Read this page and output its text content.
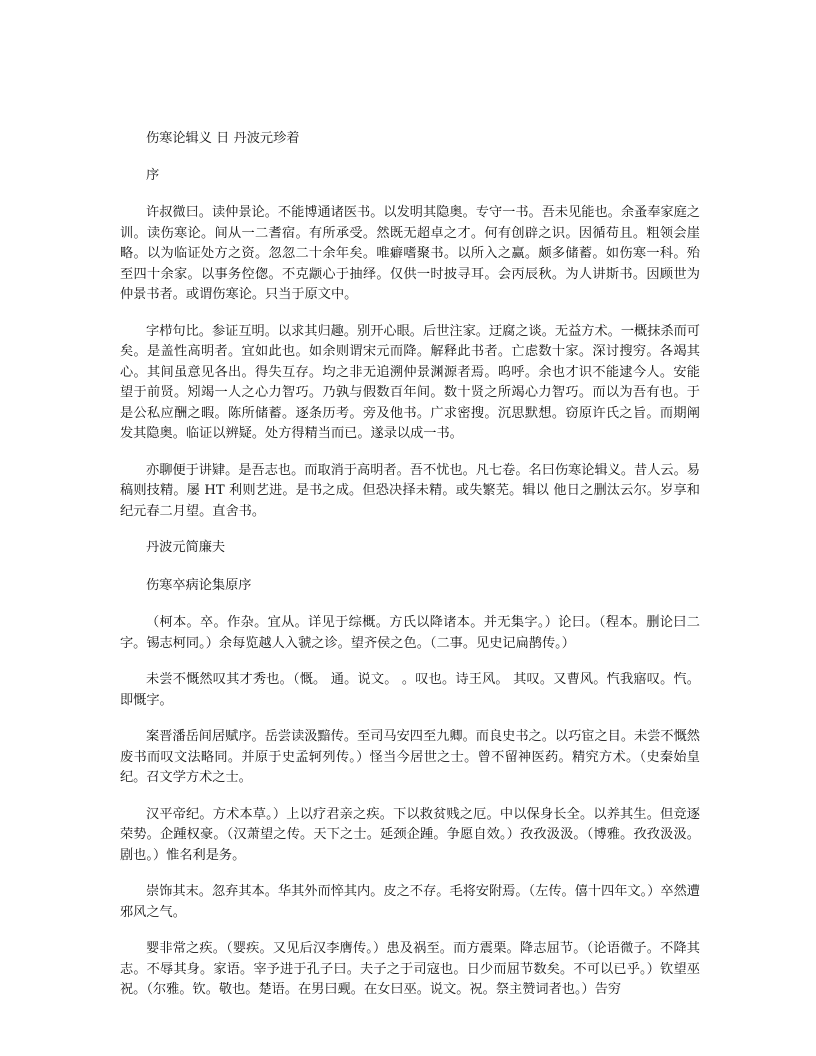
伤寒论辑义 日 丹波元珍着

序

许叔微曰。读仲景论。不能博通诸医书。以发明其隐奥。专守一书。吾未见能也。余蚤奉家庭之训。读伤寒论。间从一二耆宿。有所承受。然既无超卓之才。何有创辟之识。因循苟且。粗领会崖略。以为临证处方之资。忽忽二十余年矣。唯癖嗜聚书。以所入之赢。颇多储蓄。如伤寒一科。殆至四十余家。以事务倥偬。不克颛心于抽绎。仅供一时披寻耳。会丙辰秋。为人讲斯书。因顾世为仲景书者。或谓伤寒论。只当于原文中。

字栉句比。参证互明。以求其归趣。别开心眼。后世注家。迂腐之谈。无益方术。一概抹杀而可矣。是盖性高明者。宜如此也。如余则谓宋元而降。解释此书者。亡虑数十家。深讨搜穷。各竭其心。其间虽意见各出。得失互存。均之非无追溯仲景渊源者焉。呜呼。余也才识不能逮今人。安能望于前贤。矧竭一人之心力智巧。乃孰与假数百年间。数十贤之所竭心力智巧。而以为吾有也。于是公私应酬之暇。陈所储蓄。逐条历考。旁及他书。广求密搜。沉思默想。窃原许氏之旨。而期阐发其隐奥。临证以辨疑。处方得精当而已。遂录以成一书。

亦聊便于讲肄。是吾志也。而取消于高明者。吾不忧也。凡七卷。名曰伤寒论辑义。昔人云。易稿则技精。屡 HT 利则艺进。是书之成。但恐决择未精。或失繁芜。辑以 他日之删汰云尔。岁享和纪元春二月望。直舍书。

丹波元简廉夫

伤寒卒病论集原序

（柯本。卒。作杂。宜从。详见于综概。方氏以降诸本。并无集字。）论曰。（程本。删论曰二字。锡志柯同。）余每览越人入虢之诊。望齐侯之色。（二事。见史记扁鹊传。）

未尝不慨然叹其才秀也。（慨。 通。说文。 。叹也。诗王风。 其叹。又曹风。忾我寤叹。忾。即慨字。

案晋潘岳间居赋序。岳尝读汲黯传。至司马安四至九卿。而良史书之。以巧宦之目。未尝不慨然废书而叹文法略同。并原于史孟轲列传。）怪当今居世之士。曾不留神医药。精究方术。（史秦始皇纪。召文学方术之士。

汉平帝纪。方术本草。）上以疗君亲之疾。下以救贫贱之厄。中以保身长全。以养其生。但竞逐荣势。企踵权豪。（汉萧望之传。天下之士。延颈企踵。争愿自效。）孜孜汲汲。（博雅。孜孜汲汲。剧也。）惟名利是务。

崇饰其末。忽弃其本。华其外而悴其内。皮之不存。毛将安附焉。（左传。僖十四年文。）卒然遭邪风之气。

婴非常之疾。（婴疾。又见后汉李膺传。）患及祸至。而方震栗。降志屈节。（论语微子。不降其志。不辱其身。家语。宰予进于孔子曰。夫子之于司寇也。日少而屈节数矣。不可以已乎。）钦望巫祝。（尔雅。钦。敬也。楚语。在男曰觋。在女曰巫。说文。祝。祭主赞词者也。）告穷
